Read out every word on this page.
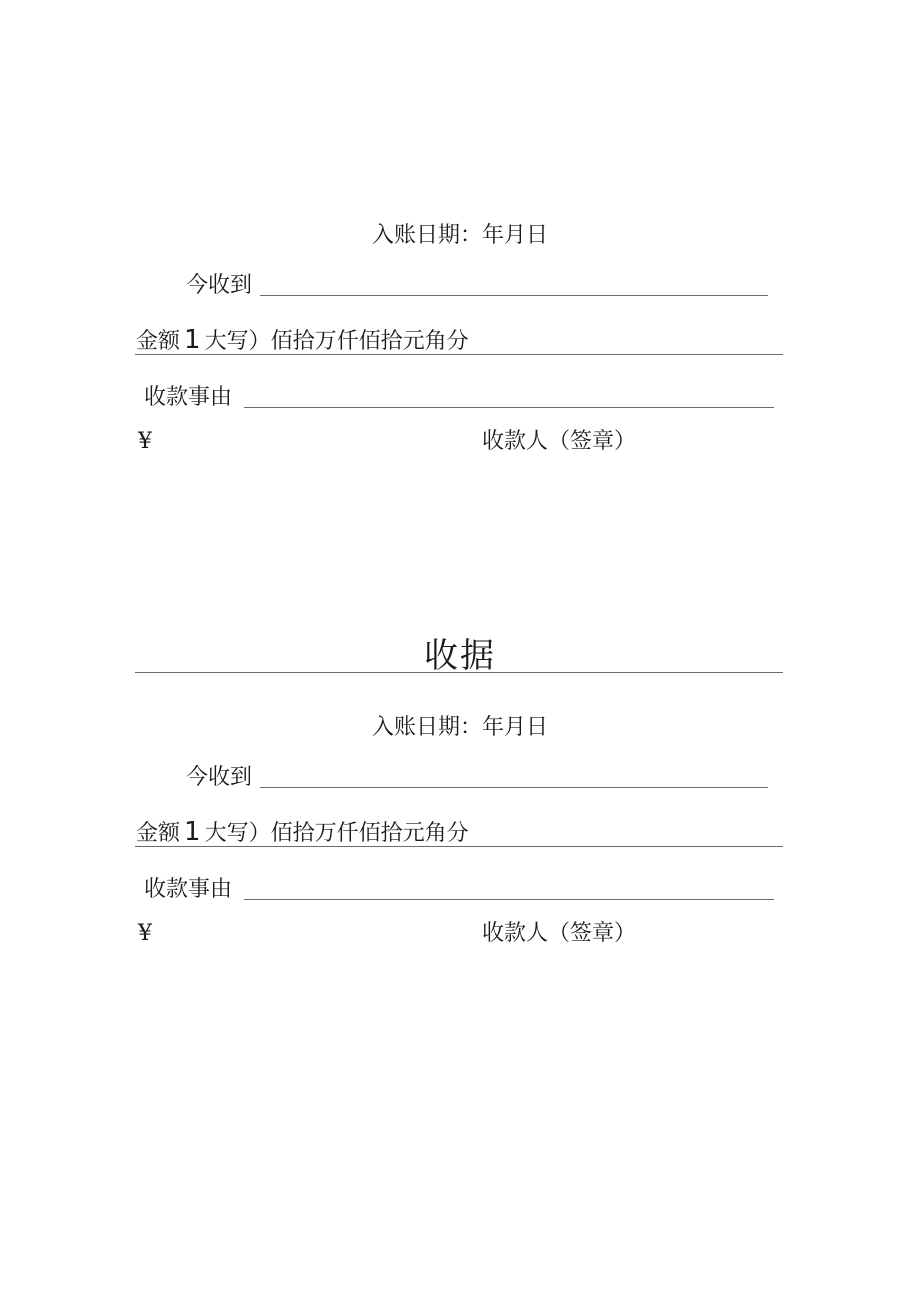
入账日期：年月日
今收到
金额 1 大写）佰拾万仟佰拾元角分
收款事由
¥	收款人（签章）
收据
入账日期：年月日
今收到
金额 1 大写）佰拾万仟佰拾元角分
收款事由
¥	收款人（签章）
